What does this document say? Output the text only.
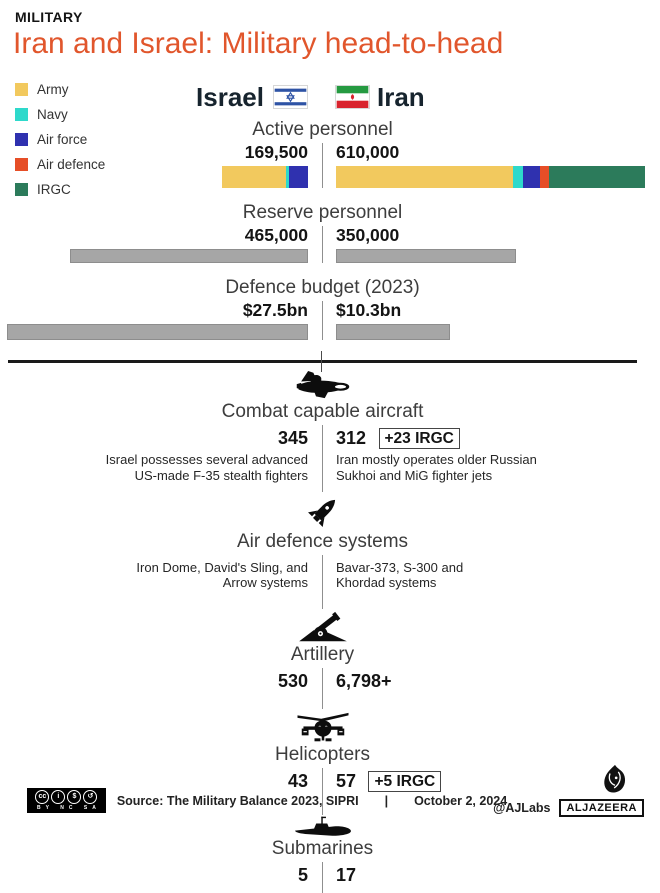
MILITARY
Iran and Israel: Military head-to-head
Army
Navy
Air force
Air defence
IRGC
Israel	Iran
Active personnel
169,500 610,000
Reserve personnel
465,000 350,000
Defence budget (2023)
$27.5bn $10.3bn
Combat capable aircraft
345
Israel possesses several advanced US-made F-35 stealth fighters
312 +23 IRGC
Iran mostly operates older Russian Sukhoi and MiG fighter jets
Air defence systems
Iron Dome, David's Sling, and Arrow systems
Bavar-373, S-300 and Khordad systems
Artillery
530 6,798+
Helicopters
43	57 +5 IRGC
Submarines
5 17
cc	i	$	↺
BY NC SA
Source: The Military Balance 2023, SIPRI | October 2, 2024
@AJLabs	ALJAZEERA
